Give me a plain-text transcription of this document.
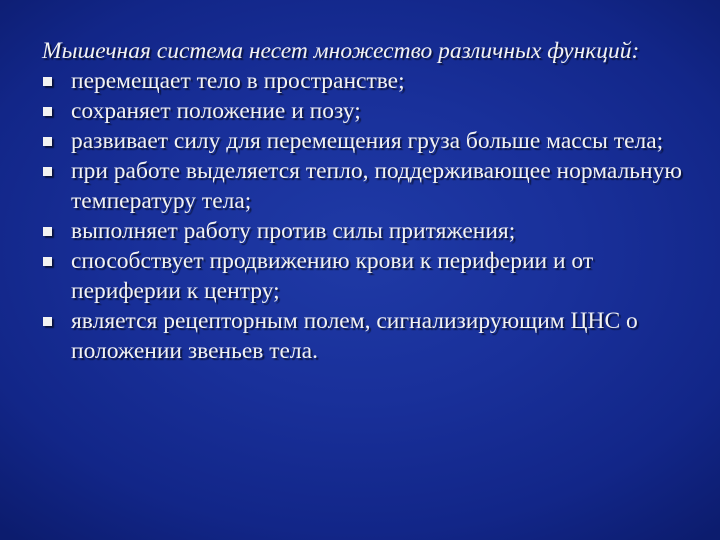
Мышечная система несет множество различных функций:

перемещает тело в пространстве;
сохраняет положение и позу;
развивает силу для перемещения груза больше массы тела;
при работе выделяется тепло, поддерживающее нормальную температуру тела;
выполняет работу против силы притяжения;
способствует продвижению крови к периферии и от периферии к центру;
является рецепторным полем, сигнализирующим ЦНС о положении звеньев тела.
